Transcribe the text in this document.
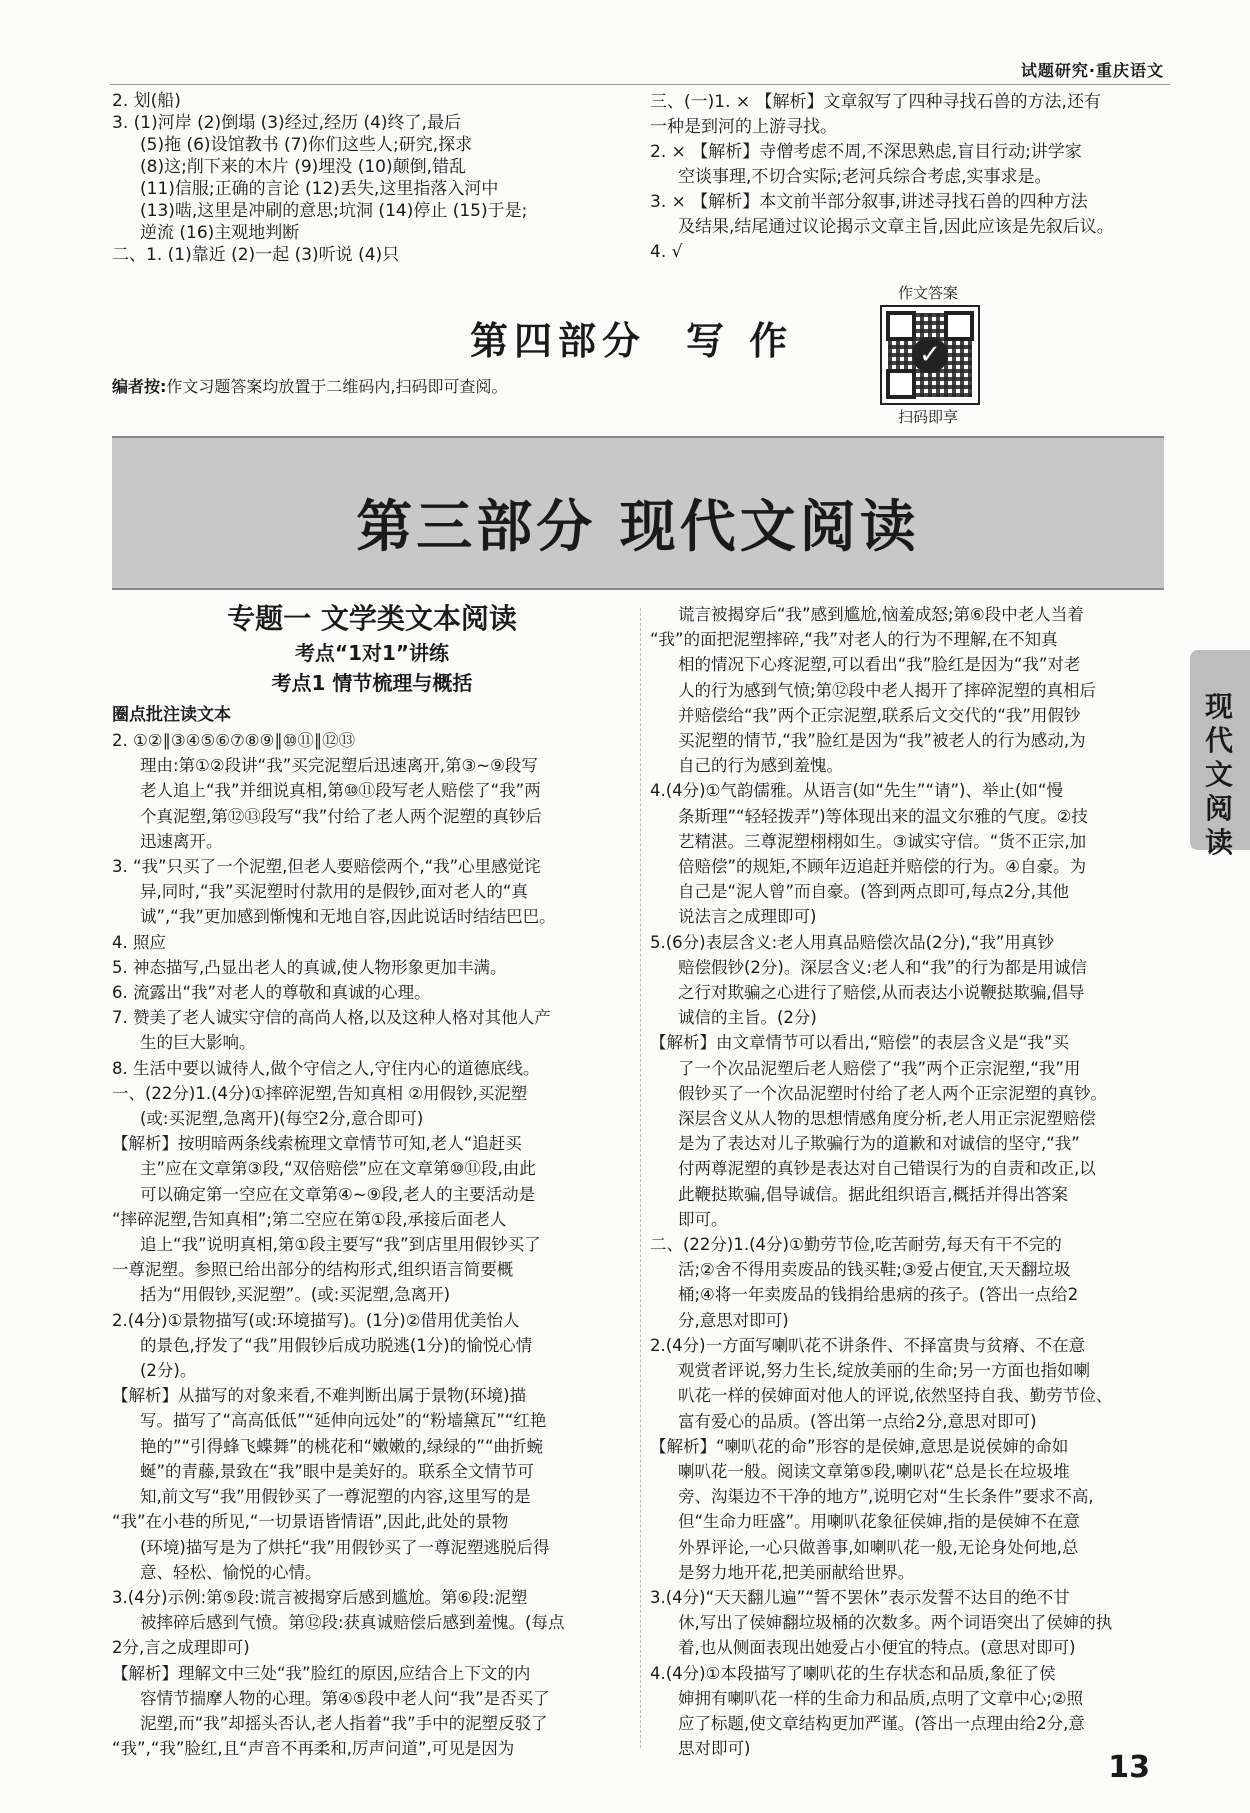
试题研究·重庆语文

2. 划(船)

3. (1)河岸 (2)倒塌 (3)经过,经历 (4)终了,最后

(5)拖 (6)设馆教书 (7)你们这些人;研究,探求

(8)这;削下来的木片 (9)埋没 (10)颠倒,错乱

(11)信服;正确的言论 (12)丢失,这里指落入河中

(13)啮,这里是冲刷的意思;坑洞 (14)停止 (15)于是;

逆流 (16)主观地判断

二、1. (1)靠近 (2)一起 (3)听说 (4)只

三、(一)1. × 【解析】文章叙写了四种寻找石兽的方法,还有

一种是到河的上游寻找。

2. × 【解析】寺僧考虑不周,不深思熟虑,盲目行动;讲学家

空谈事理,不切合实际;老河兵综合考虑,实事求是。

3. × 【解析】本文前半部分叙事,讲述寻找石兽的四种方法

及结果,结尾通过议论揭示文章主旨,因此应该是先叙后议。

4. √

第四部分 写 作
编者按:作文习题答案均放置于二维码内,扫码即可查阅。
作文答案
✓
扫码即享
第三部分 现代文阅读
专题一 文学类文本阅读
考点“1对1”讲练
考点1 情节梳理与概括
圈点批注读文本

2. ①②∥③④⑤⑥⑦⑧⑨∥⑩⑪∥⑫⑬

理由:第①②段讲“我”买完泥塑后迅速离开,第③~⑨段写

老人追上“我”并细说真相,第⑩⑪段写老人赔偿了“我”两

个真泥塑,第⑫⑬段写“我”付给了老人两个泥塑的真钞后

迅速离开。

3. “我”只买了一个泥塑,但老人要赔偿两个,“我”心里感觉诧

异,同时,“我”买泥塑时付款用的是假钞,面对老人的“真

诚”,“我”更加感到惭愧和无地自容,因此说话时结结巴巴。

4. 照应

5. 神态描写,凸显出老人的真诚,使人物形象更加丰满。

6. 流露出“我”对老人的尊敬和真诚的心理。

7. 赞美了老人诚实守信的高尚人格,以及这种人格对其他人产

生的巨大影响。

8. 生活中要以诚待人,做个守信之人,守住内心的道德底线。

一、(22分)1.(4分)①摔碎泥塑,告知真相 ②用假钞,买泥塑

(或:买泥塑,急离开)(每空2分,意合即可)

【解析】按明暗两条线索梳理文章情节可知,老人“追赶买

主”应在文章第③段,“双倍赔偿”应在文章第⑩⑪段,由此

可以确定第一空应在文章第④~⑨段,老人的主要活动是

“摔碎泥塑,告知真相”;第二空应在第①段,承接后面老人

追上“我”说明真相,第①段主要写“我”到店里用假钞买了

一尊泥塑。参照已给出部分的结构形式,组织语言简要概

括为“用假钞,买泥塑”。(或:买泥塑,急离开)

2.(4分)①景物描写(或:环境描写)。(1分)②借用优美怡人

的景色,抒发了“我”用假钞后成功脱逃(1分)的愉悦心情

(2分)。

【解析】从描写的对象来看,不难判断出属于景物(环境)描

写。描写了“高高低低”“延伸向远处”的“粉墙黛瓦”“红艳

艳的”“引得蜂飞蝶舞”的桃花和“嫩嫩的,绿绿的”“曲折蜿

蜒”的青藤,景致在“我”眼中是美好的。联系全文情节可

知,前文写“我”用假钞买了一尊泥塑的内容,这里写的是

“我”在小巷的所见,“一切景语皆情语”,因此,此处的景物

(环境)描写是为了烘托“我”用假钞买了一尊泥塑逃脱后得

意、轻松、愉悦的心情。

3.(4分)示例:第⑤段:谎言被揭穿后感到尴尬。第⑥段:泥塑

被摔碎后感到气愤。第⑫段:获真诚赔偿后感到羞愧。(每点

2分,言之成理即可)

【解析】理解文中三处“我”脸红的原因,应结合上下文的内

容情节揣摩人物的心理。第④⑤段中老人问“我”是否买了

泥塑,而“我”却摇头否认,老人指着“我”手中的泥塑反驳了

“我”,“我”脸红,且“声音不再柔和,厉声问道”,可见是因为

谎言被揭穿后“我”感到尴尬,恼羞成怒;第⑥段中老人当着

“我”的面把泥塑摔碎,“我”对老人的行为不理解,在不知真

相的情况下心疼泥塑,可以看出“我”脸红是因为“我”对老

人的行为感到气愤;第⑫段中老人揭开了摔碎泥塑的真相后

并赔偿给“我”两个正宗泥塑,联系后文交代的“我”用假钞

买泥塑的情节,“我”脸红是因为“我”被老人的行为感动,为

自己的行为感到羞愧。

4.(4分)①气韵儒雅。从语言(如“先生”“请”)、举止(如“慢

条斯理”“轻轻拨弄”)等体现出来的温文尔雅的气度。②技

艺精湛。三尊泥塑栩栩如生。③诚实守信。“货不正宗,加

倍赔偿”的规矩,不顾年迈追赶并赔偿的行为。④自豪。为

自己是“泥人曾”而自豪。(答到两点即可,每点2分,其他

说法言之成理即可)

5.(6分)表层含义:老人用真品赔偿次品(2分),“我”用真钞

赔偿假钞(2分)。深层含义:老人和“我”的行为都是用诚信

之行对欺骗之心进行了赔偿,从而表达小说鞭挞欺骗,倡导

诚信的主旨。(2分)

【解析】由文章情节可以看出,“赔偿”的表层含义是“我”买

了一个次品泥塑后老人赔偿了“我”两个正宗泥塑,“我”用

假钞买了一个次品泥塑时付给了老人两个正宗泥塑的真钞。

深层含义从人物的思想情感角度分析,老人用正宗泥塑赔偿

是为了表达对儿子欺骗行为的道歉和对诚信的坚守,“我”

付两尊泥塑的真钞是表达对自己错误行为的自责和改正,以

此鞭挞欺骗,倡导诚信。据此组织语言,概括并得出答案

即可。

二、(22分)1.(4分)①勤劳节俭,吃苦耐劳,每天有干不完的

活;②舍不得用卖废品的钱买鞋;③爱占便宜,天天翻垃圾

桶;④将一年卖废品的钱捐给患病的孩子。(答出一点给2

分,意思对即可)

2.(4分)一方面写喇叭花不讲条件、不择富贵与贫瘠、不在意

观赏者评说,努力生长,绽放美丽的生命;另一方面也指如喇

叭花一样的侯婶面对他人的评说,依然坚持自我、勤劳节俭、

富有爱心的品质。(答出第一点给2分,意思对即可)

【解析】“喇叭花的命”形容的是侯婶,意思是说侯婶的命如

喇叭花一般。阅读文章第⑤段,喇叭花“总是长在垃圾堆

旁、沟渠边不干净的地方”,说明它对“生长条件”要求不高,

但“生命力旺盛”。用喇叭花象征侯婶,指的是侯婶不在意

外界评论,一心只做善事,如喇叭花一般,无论身处何地,总

是努力地开花,把美丽献给世界。

3.(4分)“天天翻儿遍”“誓不罢休”表示发誓不达目的绝不甘

休,写出了侯婶翻垃圾桶的次数多。两个词语突出了侯婶的执

着,也从侧面表现出她爱占小便宜的特点。(意思对即可)

4.(4分)①本段描写了喇叭花的生存状态和品质,象征了侯

婶拥有喇叭花一样的生命力和品质,点明了文章中心;②照

应了标题,使文章结构更加严谨。(答出一点理由给2分,意

思对即可)

现代文阅读
13
